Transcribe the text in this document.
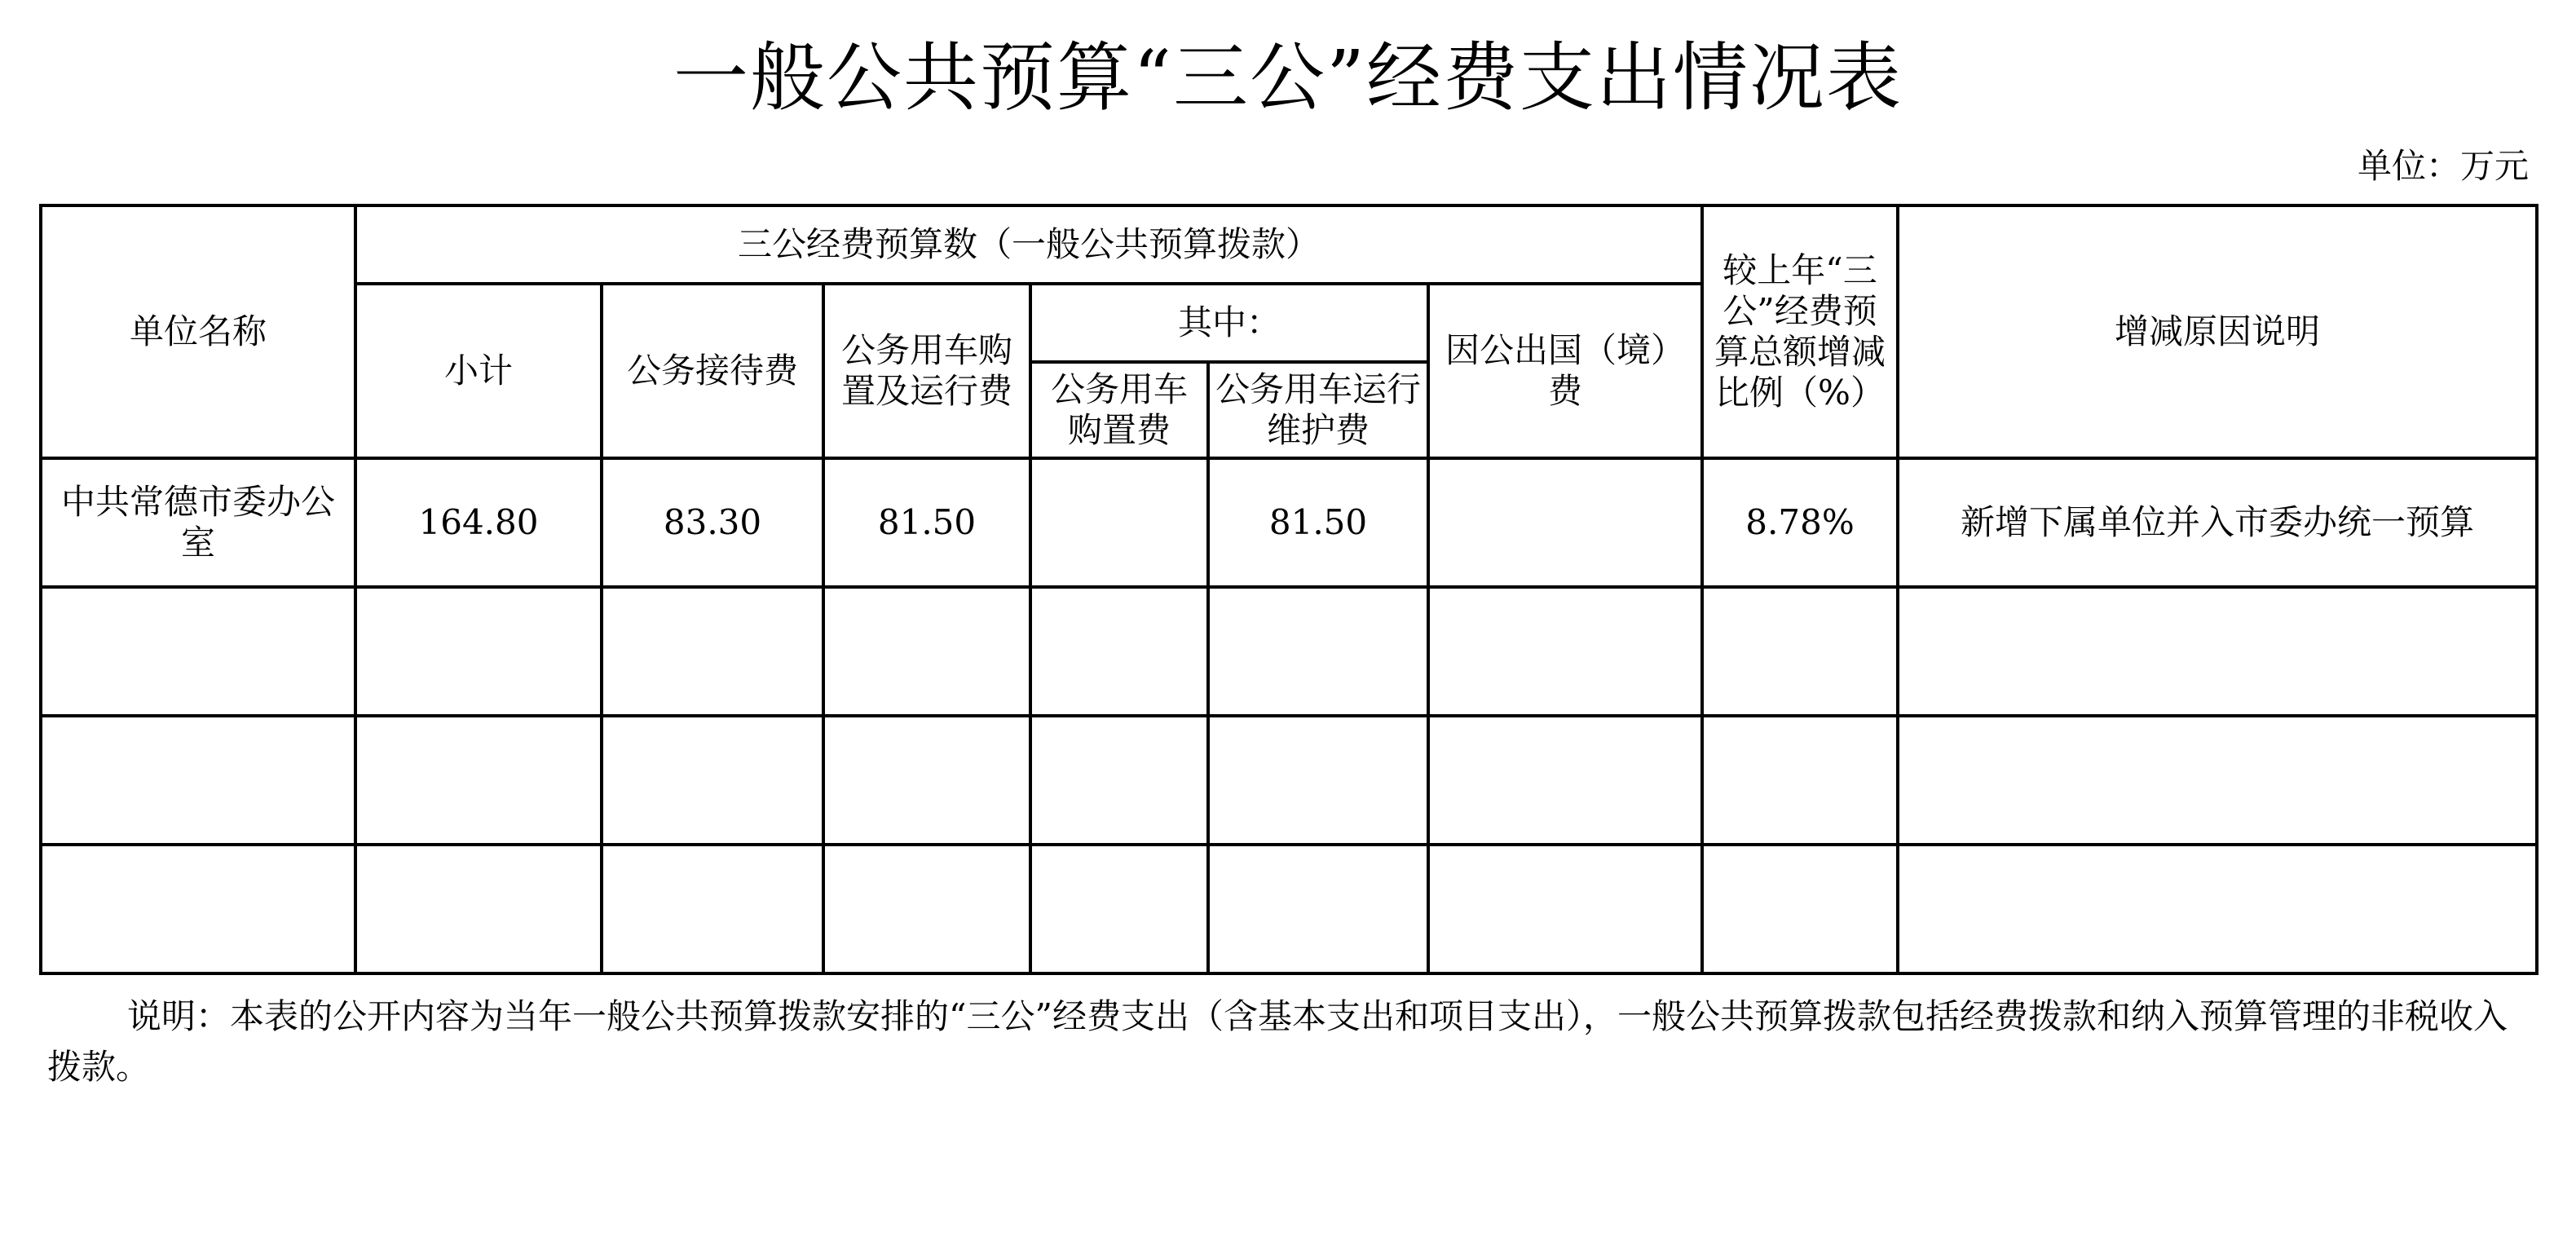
一般公共预算“三公”经费支出情况表
单位：万元
单位名称	三公经费预算数（一般公共预算拨款）						较上年“三公”经费预算总额增减比例（%）	增减原因说明
	小计	公务接待费	公务用车购置及运行费	其中：		因公出国（境）费		
				公务用车购置费	公务用车运行维护费			
中共常德市委办公室	164.80	83.30	81.50		81.50		8.78%	新增下属单位并入市委办统一预算

说明：本表的公开内容为当年一般公共预算拨款安排的“三公”经费支出（含基本支出和项目支出），一般公共预算拨款包括经费拨款和纳入预算管理的非税收入拨款。
